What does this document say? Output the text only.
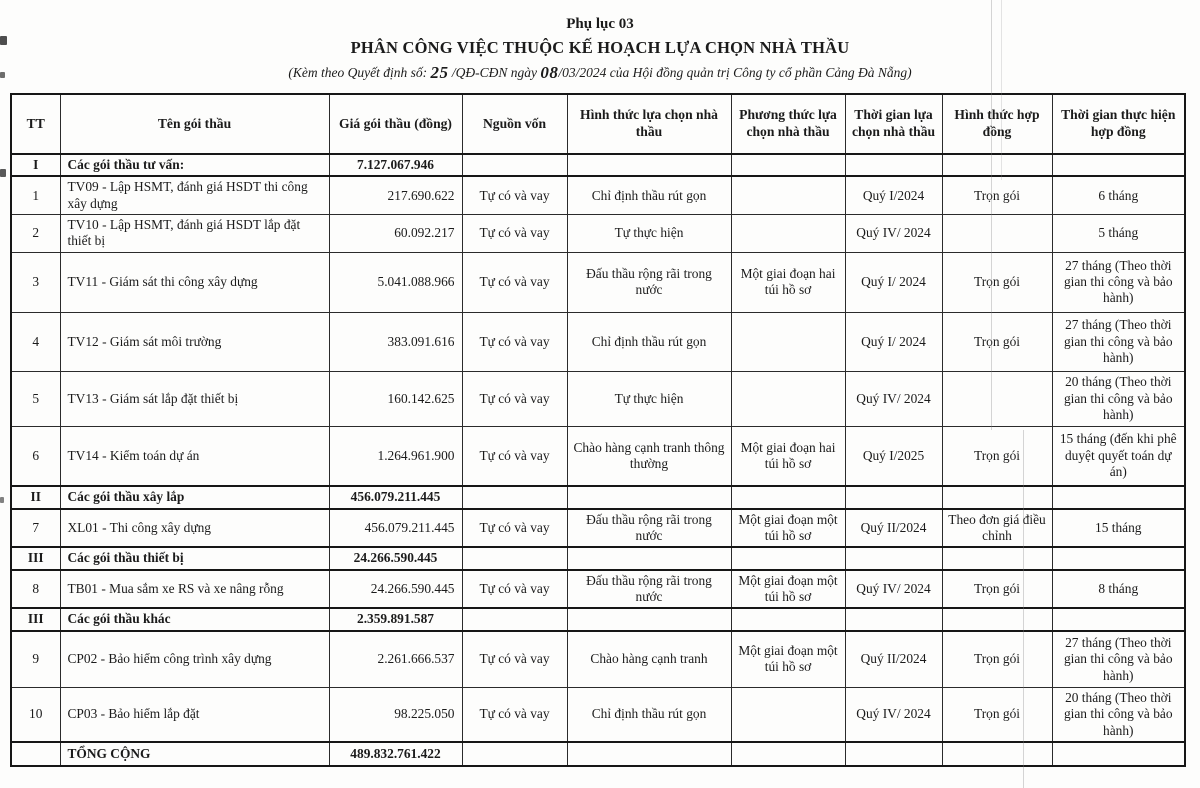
Phụ lục 03
PHÂN CÔNG VIỆC THUỘC KẾ HOẠCH LỰA CHỌN NHÀ THẦU
(Kèm theo Quyết định số: 25 /QĐ-CĐN ngày 08/03/2024 của Hội đồng quản trị Công ty cổ phần Cảng Đà Nẵng)
TT	Tên gói thầu	Giá gói thầu (đồng)	Nguồn vốn	Hình thức lựa chọn nhà thầu	Phương thức lựa chọn nhà thầu	Thời gian lựa chọn nhà thầu	Hình thức hợp đồng	Thời gian thực hiện hợp đồng
I	Các gói thầu tư vấn:	7.127.067.946						
1	TV09 - Lập HSMT, đánh giá HSDT thi công xây dựng	217.690.622	Tự có và vay	Chỉ định thầu rút gọn		Quý I/2024	Trọn gói	6 tháng
2	TV10 - Lập HSMT, đánh giá HSDT lắp đặt thiết bị	60.092.217	Tự có và vay	Tự thực hiện		Quý IV/ 2024		5 tháng
3	TV11 - Giám sát thi công xây dựng	5.041.088.966	Tự có và vay	Đấu thầu rộng rãi trong nước	Một giai đoạn hai túi hồ sơ	Quý I/ 2024	Trọn gói	27 tháng (Theo thời gian thi công và bảo hành)
4	TV12 - Giám sát môi trường	383.091.616	Tự có và vay	Chỉ định thầu rút gọn		Quý I/ 2024	Trọn gói	27 tháng (Theo thời gian thi công và bảo hành)
5	TV13 - Giám sát lắp đặt thiết bị	160.142.625	Tự có và vay	Tự thực hiện		Quý IV/ 2024		20 tháng (Theo thời gian thi công và bảo hành)
6	TV14 - Kiểm toán dự án	1.264.961.900	Tự có và vay	Chào hàng cạnh tranh thông thường	Một giai đoạn hai túi hồ sơ	Quý I/2025	Trọn gói	15 tháng (đến khi phê duyệt quyết toán dự án)
II	Các gói thầu xây lắp	456.079.211.445						
7	XL01 - Thi công xây dựng	456.079.211.445	Tự có và vay	Đấu thầu rộng rãi trong nước	Một giai đoạn một túi hồ sơ	Quý II/2024	Theo đơn giá điều chỉnh	15 tháng
III	Các gói thầu thiết bị	24.266.590.445						
8	TB01 - Mua sắm xe RS và xe nâng rỗng	24.266.590.445	Tự có và vay	Đấu thầu rộng rãi trong nước	Một giai đoạn một túi hồ sơ	Quý IV/ 2024	Trọn gói	8 tháng
III	Các gói thầu khác	2.359.891.587						
9	CP02 - Bảo hiểm công trình xây dựng	2.261.666.537	Tự có và vay	Chào hàng cạnh tranh	Một giai đoạn một túi hồ sơ	Quý II/2024	Trọn gói	27 tháng (Theo thời gian thi công và bảo hành)
10	CP03 - Bảo hiểm lắp đặt	98.225.050	Tự có và vay	Chỉ định thầu rút gọn		Quý IV/ 2024	Trọn gói	20 tháng (Theo thời gian thi công và bảo hành)
	TỔNG CỘNG	489.832.761.422						
